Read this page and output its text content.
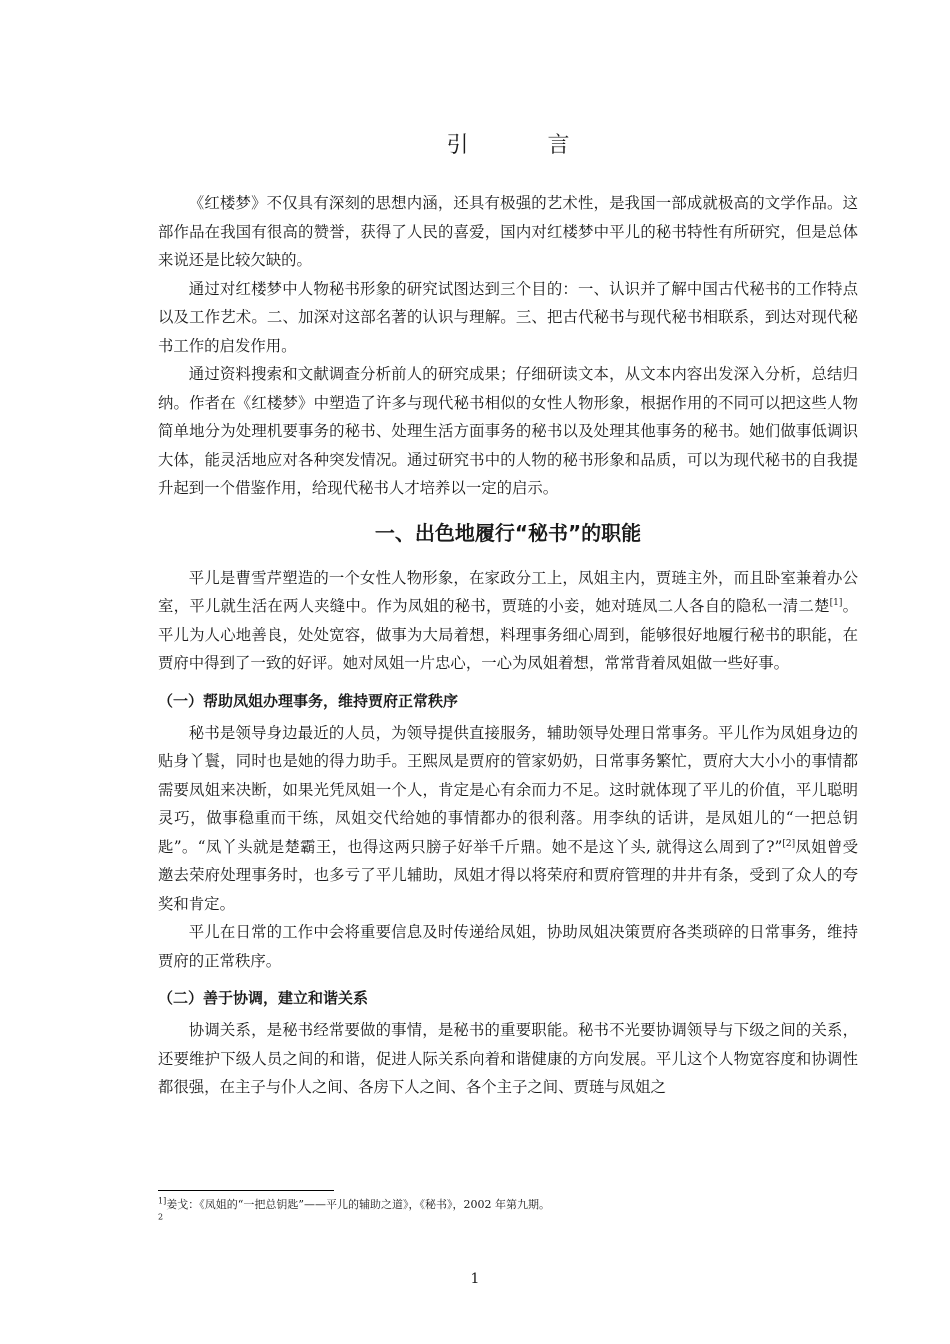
引 言

《红楼梦》不仅具有深刻的思想内涵，还具有极强的艺术性，是我国一部成就极高的文学作品。这部作品在我国有很高的赞誉，获得了人民的喜爱，国内对红楼梦中平儿的秘书特性有所研究，但是总体来说还是比较欠缺的。

通过对红楼梦中人物秘书形象的研究试图达到三个目的：一、认识并了解中国古代秘书的工作特点以及工作艺术。二、加深对这部名著的认识与理解。三、把古代秘书与现代秘书相联系，到达对现代秘书工作的启发作用。

通过资料搜索和文献调查分析前人的研究成果；仔细研读文本，从文本内容出发深入分析，总结归纳。作者在《红楼梦》中塑造了许多与现代秘书相似的女性人物形象，根据作用的不同可以把这些人物简单地分为处理机要事务的秘书、处理生活方面事务的秘书以及处理其他事务的秘书。她们做事低调识大体，能灵活地应对各种突发情况。通过研究书中的人物的秘书形象和品质，可以为现代秘书的自我提升起到一个借鉴作用，给现代秘书人才培养以一定的启示。

一、出色地履行“秘书”的职能

平儿是曹雪芹塑造的一个女性人物形象，在家政分工上，凤姐主内，贾琏主外，而且卧室兼着办公室，平儿就生活在两人夹缝中。作为凤姐的秘书，贾琏的小妾，她对琏凤二人各自的隐私一清二楚[1]。平儿为人心地善良，处处宽容，做事为大局着想，料理事务细心周到，能够很好地履行秘书的职能，在贾府中得到了一致的好评。她对凤姐一片忠心，一心为凤姐着想，常常背着凤姐做一些好事。

（一）帮助凤姐办理事务，维持贾府正常秩序

秘书是领导身边最近的人员，为领导提供直接服务，辅助领导处理日常事务。平儿作为凤姐身边的贴身丫鬟，同时也是她的得力助手。王熙凤是贾府的管家奶奶，日常事务繁忙，贾府大大小小的事情都需要凤姐来决断，如果光凭凤姐一个人，肯定是心有余而力不足。这时就体现了平儿的价值，平儿聪明灵巧，做事稳重而干练，凤姐交代给她的事情都办的很利落。用李纨的话讲，是凤姐儿的“一把总钥匙”。“凤丫头就是楚霸王，也得这两只膀子好举千斤鼎。她不是这丫头, 就得这么周到了?”[2]凤姐曾受邀去荣府处理事务时，也多亏了平儿辅助，凤姐才得以将荣府和贾府管理的井井有条，受到了众人的夸奖和肯定。

平儿在日常的工作中会将重要信息及时传递给凤姐，协助凤姐决策贾府各类琐碎的日常事务，维持贾府的正常秩序。

（二）善于协调，建立和谐关系

协调关系，是秘书经常要做的事情，是秘书的重要职能。秘书不光要协调领导与下级之间的关系，还要维护下级人员之间的和谐，促进人际关系向着和谐健康的方向发展。平儿这个人物宽容度和协调性都很强，在主子与仆人之间、各房下人之间、各个主子之间、贾琏与凤姐之

$^{1]}$姜戈：《凤姐的“一把总钥匙”——平儿的辅助之道》，《秘书》，2002 年第九期。

$^2$

1
